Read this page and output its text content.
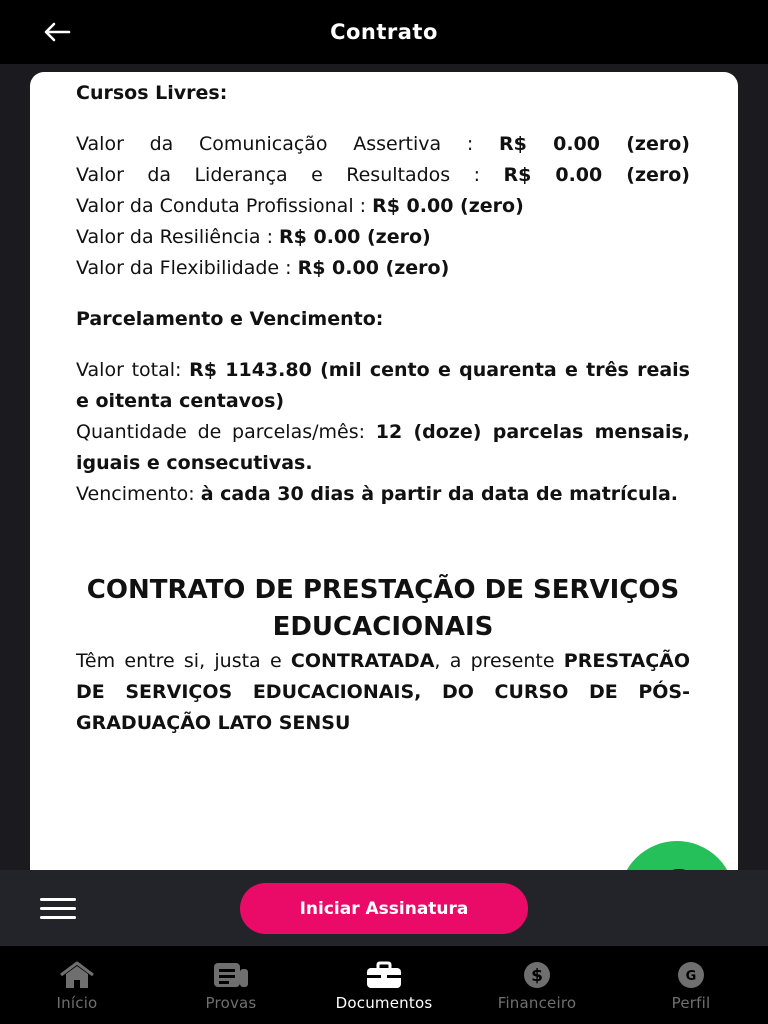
Contrato

Cursos Livres:

Valor da Comunicação Assertiva : R$ 0.00 (zero)

Valor da Liderança e Resultados : R$ 0.00 (zero)

Valor da Conduta Profissional : R$ 0.00 (zero)

Valor da Resiliência : R$ 0.00 (zero)

Valor da Flexibilidade : R$ 0.00 (zero)

Parcelamento e Vencimento:

Valor total: R$ 1143.80 (mil cento e quarenta e três reais e oitenta centavos)

Quantidade de parcelas/mês: 12 (doze) parcelas mensais, iguais e consecutivas.

Vencimento: à cada 30 dias à partir da data de matrícula.

CONTRATO DE PRESTAÇÃO DE SERVIÇOS EDUCACIONAIS

Têm entre si, justa e CONTRATADA, a presente PRESTAÇÃO DE SERVIÇOS EDUCACIONAIS, DO CURSO DE PÓS-GRADUAÇÃO LATO SENSU

Iniciar Assinatura
Início	Provas	Documentos
$
Financeiro
G
Perfil
